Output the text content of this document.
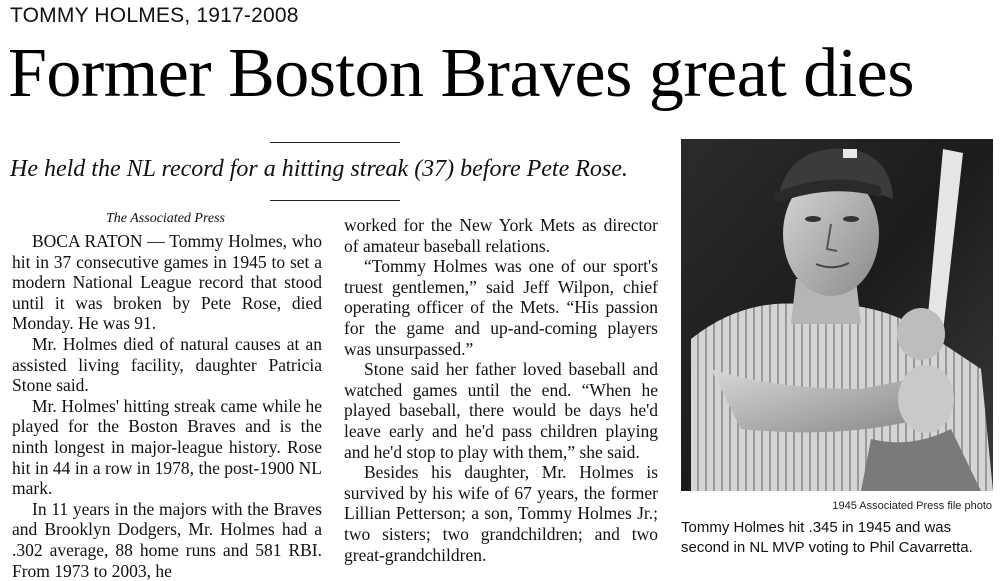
TOMMY HOLMES, 1917-2008
Former Boston Braves great dies
He held the NL record for a hitting streak (37) before Pete Rose.
The Associated Press

BOCA RATON — Tommy Holmes, who hit in 37 consecutive games in 1945 to set a modern National League record that stood until it was broken by Pete Rose, died Monday. He was 91.

Mr. Holmes died of natural causes at an assisted living facility, daughter Patricia Stone said.

Mr. Holmes' hitting streak came while he played for the Boston Braves and is the ninth longest in major-league history. Rose hit in 44 in a row in 1978, the post-1900 NL mark.

In 11 years in the majors with the Braves and Brooklyn Dodgers, Mr. Holmes had a .302 average, 88 home runs and 581 RBI. From 1973 to 2003, he

worked for the New York Mets as director of amateur baseball relations.

“Tommy Holmes was one of our sport's truest gentlemen,” said Jeff Wilpon, chief operating officer of the Mets. “His passion for the game and up-and-coming players was unsurpassed.”

Stone said her father loved baseball and watched games until the end. “When he played baseball, there would be days he'd leave early and he'd pass children playing and he'd stop to play with them,” she said.

Besides his daughter, Mr. Holmes is survived by his wife of 67 years, the former Lillian Petterson; a son, Tommy Holmes Jr.; two sisters; two grandchildren; and two great-grandchildren.

1945 Associated Press file photo
Tommy Holmes hit .345 in 1945 and was second in NL MVP voting to Phil Cavarretta.
